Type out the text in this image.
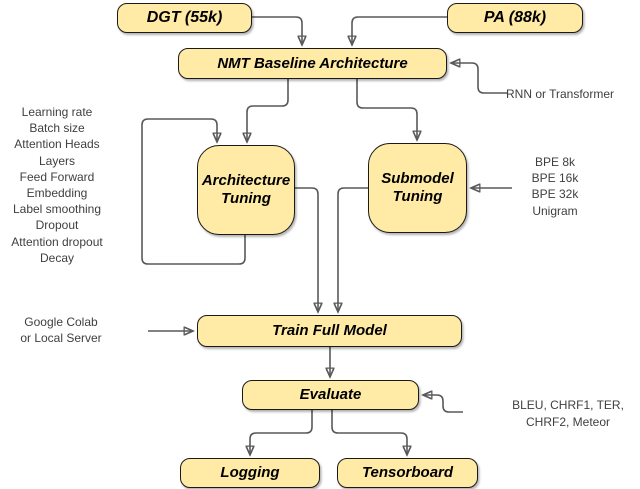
DGT (55k)	PA (88k)
NMT Baseline Architecture
Architecture Tuning
Submodel Tuning
Train Full Model
Evaluate
Logging	Tensorboard
Learning rate
Batch size
Attention Heads
Layers
Feed Forward
Embedding
Label smoothing
Dropout
Attention dropout
Decay
RNN or Transformer
BPE 8k
BPE 16k
BPE 32k
Unigram
Google Colab
or Local Server
BLEU, CHRF1, TER,
CHRF2, Meteor
